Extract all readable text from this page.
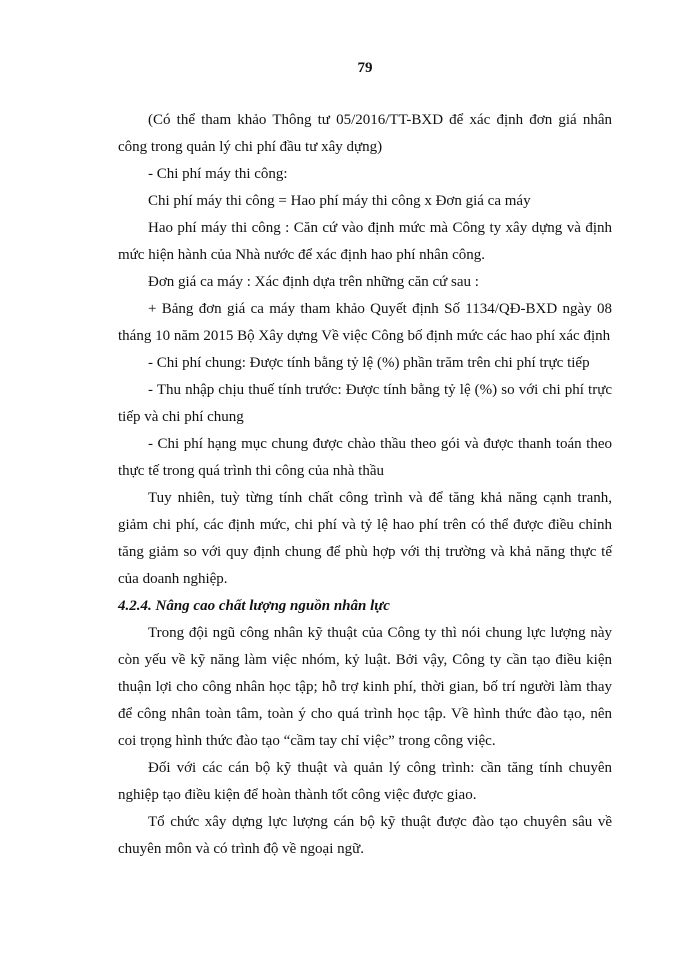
79

(Có thể tham khảo Thông tư 05/2016/TT-BXD để xác định đơn giá nhân công trong quản lý chi phí đầu tư xây dựng)

- Chi phí máy thi công:

Chi phí máy thi công = Hao phí máy thi công x Đơn giá ca máy

Hao phí máy thi công : Căn cứ vào định mức mà Công ty xây dựng và định mức hiện hành của Nhà nước để xác định hao phí nhân công.

Đơn giá ca máy : Xác định dựa trên những căn cứ sau :

+ Bảng đơn giá ca máy tham khảo Quyết định Số 1134/QĐ-BXD ngày 08 tháng 10 năm 2015 Bộ Xây dựng Về việc Công bố định mức các hao phí xác định

- Chi phí chung: Được tính bằng tỷ lệ (%) phần trăm trên chi phí trực tiếp

- Thu nhập chịu thuế tính trước: Được tính bằng tỷ lệ (%) so với chi phí trực tiếp và chi phí chung

- Chi phí hạng mục chung được chào thầu theo gói và được thanh toán theo thực tế trong quá trình thi công của nhà thầu

Tuy nhiên, tuỳ từng tính chất công trình và để tăng khả năng cạnh tranh, giảm chi phí, các định mức, chi phí và tỷ lệ hao phí trên có thể được điều chỉnh tăng giảm so với quy định chung để phù hợp với thị trường và khả năng thực tế của doanh nghiệp.

4.2.4. Nâng cao chất lượng nguồn nhân lực

Trong đội ngũ công nhân kỹ thuật của Công ty thì nói chung lực lượng này còn yếu về kỹ năng làm việc nhóm, kỷ luật. Bởi vậy, Công ty cần tạo điều kiện thuận lợi cho công nhân học tập; hỗ trợ kinh phí, thời gian, bố trí người làm thay để công nhân toàn tâm, toàn ý cho quá trình học tập. Về hình thức đào tạo, nên coi trọng hình thức đào tạo “cầm tay chỉ việc” trong công việc.

Đối với các cán bộ kỹ thuật và quản lý công trình: cần tăng tính chuyên nghiệp tạo điều kiện để hoàn thành tốt công việc được giao.

Tổ chức xây dựng lực lượng cán bộ kỹ thuật được đào tạo chuyên sâu về chuyên môn và có trình độ về ngoại ngữ.
